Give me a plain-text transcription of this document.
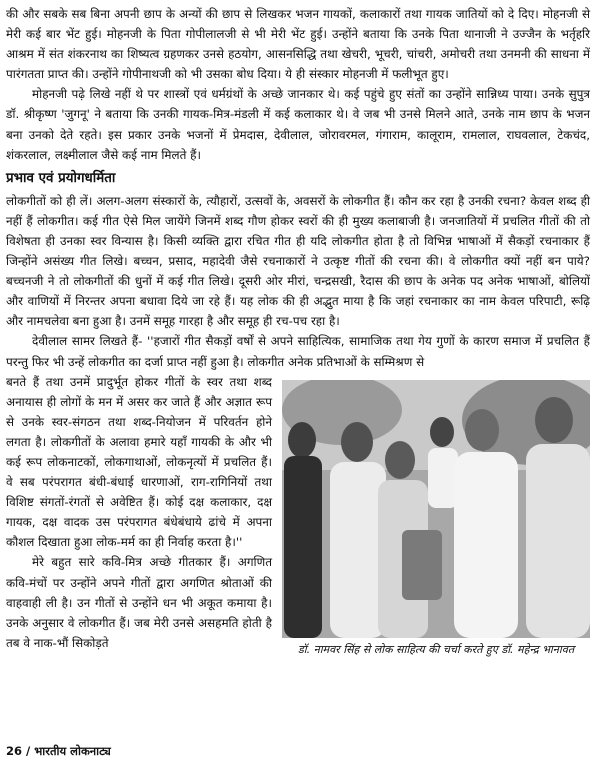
की और सबके सब बिना अपनी छाप के अन्यों की छाप से लिखकर भजन गायकों, कलाकारों तथा गायक जातियों को दे दिए। मोहनजी से मेरी कई बार भेंट हुई। मोहनजी के पिता गोपीलालजी से भी मेरी भेंट हुई। उन्होंने बताया कि उनके पिता थानाजी ने उज्जैन के भर्तृहरि आश्रम में संत शंकरनाथ का शिष्यत्व ग्रहणकर उनसे हठयोग, आसनसिद्धि तथा खेचरी, भूचरी, चांचरी, अमोचरी तथा उनमनी की साधना में पारंगतता प्राप्त की। उन्होंने गोपीनाथजी को भी उसका बोध दिया। ये ही संस्कार मोहनजी में फलीभूत हुए।

मोहनजी पढ़े लिखे नहीं थे पर शास्त्रों एवं धर्मग्रंथों के अच्छे जानकार थे। कई पहुंचे हुए संतों का उन्होंने सान्निध्य पाया। उनके सुपुत्र डॉ. श्रीकृष्ण 'जुगनू' ने बताया कि उनकी गायक-मित्र-मंडली में कई कलाकार थे। वे जब भी उनसे मिलने आते, उनके नाम छाप के भजन बना उनको देते रहते। इस प्रकार उनके भजनों में प्रेमदास, देवीलाल, जोरावरमल, गंगाराम, कालूराम, रामलाल, राघवलाल, टेकचंद, शंकरलाल, लक्ष्मीलाल जैसे कई नाम मिलते हैं।

प्रभाव एवं प्रयोगधर्मिता

लोकगीतों को ही लें। अलग-अलग संस्कारों के, त्यौहारों, उत्सवों के, अवसरों के लोकगीत हैं। कौन कर रहा है उनकी रचना? केवल शब्द ही नहीं हैं लोकगीत। कई गीत ऐसे मिल जायेंगे जिनमें शब्द गौण होकर स्वरों की ही मुख्य कलाबाजी है। जनजातियों में प्रचलित गीतों की तो विशेषता ही उनका स्वर विन्यास है। किसी व्यक्ति द्वारा रचित गीत ही यदि लोकगीत होता है तो विभिन्न भाषाओं में सैकड़ों रचनाकार हैं जिन्होंने असंख्य गीत लिखे। बच्चन, प्रसाद, महादेवी जैसे रचनाकारों ने उत्कृष्ट गीतों की रचना की। वे लोकगीत क्यों नहीं बन पाये? बच्चनजी ने तो लोकगीतों की धुनों में कई गीत लिखे। दूसरी ओर मीरां, चन्द्रसखी, रैदास की छाप के अनेक पद अनेक भाषाओं, बोलियों और वाणियों में निरन्तर अपना बधावा दिये जा रहे हैं। यह लोक की ही अद्भुत माया है कि जहां रचनाकार का नाम केवल परिपाटी, रूढ़ि और नामचलेवा बना हुआ है। उनमें समूह गारहा है और समूह ही रच-पच रहा है।

देवीलाल सामर लिखते हैं- ''हजारों गीत सैकड़ों वर्षों से अपने साहित्यिक, सामाजिक तथा गेय गुणों के कारण समाज में प्रचलित हैं परन्तु फिर भी उन्हें लोकगीत का दर्जा प्राप्त नहीं हुआ है। लोकगीत अनेक प्रतिभाओं के सम्मिश्रण से

डॉ. नामवर सिंह से लोक साहित्य की चर्चा करते हुए डॉ. महेन्द्र भानावत

बनते हैं तथा उनमें प्रादुर्भूत होकर गीतों के स्वर तथा शब्द अनायास ही लोगों के मन में असर कर जाते हैं और अज्ञात रूप से उनके स्वर-संगठन तथा शब्द-नियोजन में परिवर्तन होने लगता है। लोकगीतों के अलावा हमारे यहाँ गायकी के और भी कई रूप लोकनाटकों, लोकगाथाओं, लोकनृत्यों में प्रचलित हैं। वे सब परंपरागत बंधी-बंधाई धारणाओं, राग-रागिनियों तथा विशिष्ट संगतों-रंगतों से अवेष्टित हैं। कोई दक्ष कलाकार, दक्ष गायक, दक्ष वादक उस परंपरागत बंधेबंधाये ढांचे में अपना कौशल दिखाता हुआ लोक-मर्म का ही निर्वाह करता है।''

मेरे बहुत सारे कवि-मित्र अच्छे गीतकार हैं। अगणित कवि-मंचों पर उन्होंने अपने गीतों द्वारा अगणित श्रोताओं की वाहवाही ली है। उन गीतों से उन्होंने धन भी अकूत कमाया है। उनके अनुसार वे लोकगीत हैं। जब मेरी उनसे असहमति होती है तब वे नाक-भौं सिकोड़ते

26 / भारतीय लोकनाट्य
